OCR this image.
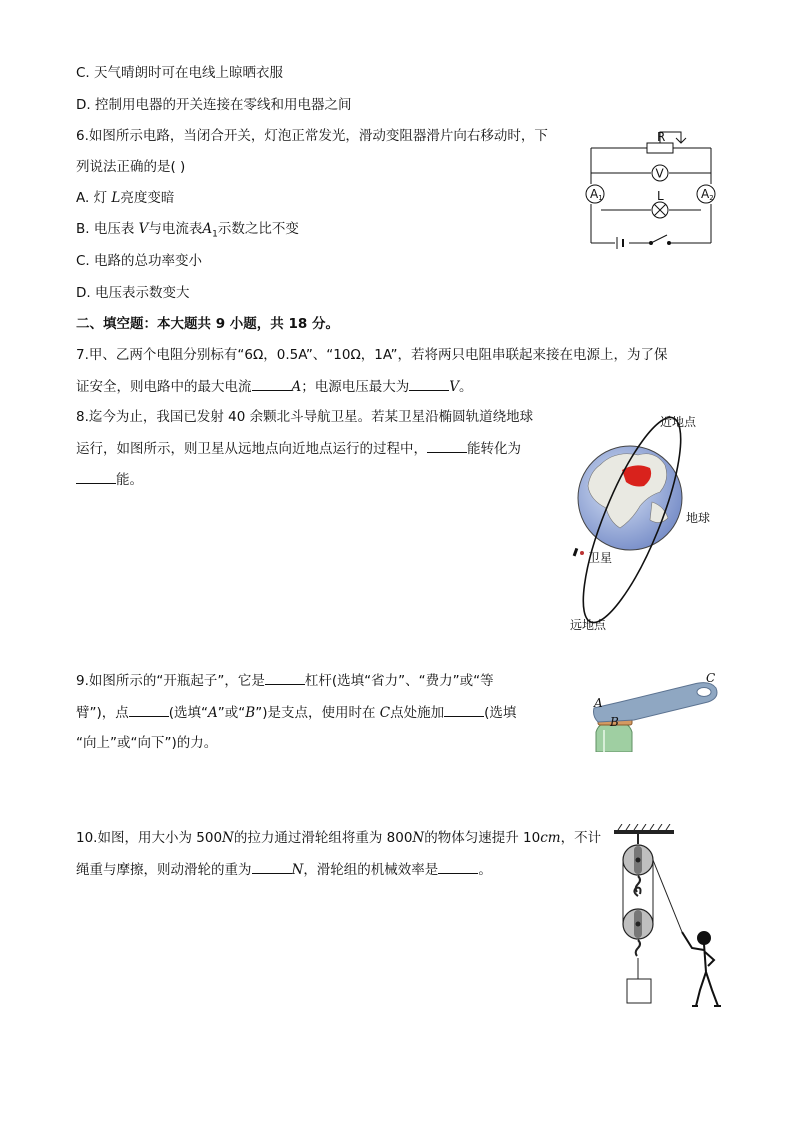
C. 天气晴朗时可在电线上晾晒衣服
D. 控制用电器的开关连接在零线和用电器之间
6.如图所示电路，当闭合开关，灯泡正常发光，滑动变阻器滑片向右移动时，下
列说法正确的是( )
A. 灯 L亮度变暗
B. 电压表 V与电流表$A_1$示数之比不变
C. 电路的总功率变小
D. 电压表示数变大
R
V
L
A1	A2
二、填空题：本大题共 9 小题，共 18 分。
7.甲、乙两个电阻分别标有“6Ω，0.5A”、“10Ω，1A”，若将两只电阻串联起来接在电源上，为了保
证安全，则电路中的最大电流	A；电源电压最大为	V。
8.迄今为止，我国已发射 40 余颗北斗导航卫星。若某卫星沿椭圆轨道绕地球
运行，如图所示，则卫星从远地点向近地点运行的过程中，	能转化为
能。
近地点
地球
卫星
远地点
9.如图所示的“开瓶起子”，它是	杠杆(选填“省力”、“费力”或“等
臂”)，点	(选填“A”或“B”)是支点，使用时在 C点处施加	(选填
“向上”或“向下”)的力。
A
B
C
10.如图，用大小为 500N的拉力通过滑轮组将重为 800N的物体匀速提升 10cm，不计
绳重与摩擦，则动滑轮的重为	N，滑轮组的机械效率是	。
